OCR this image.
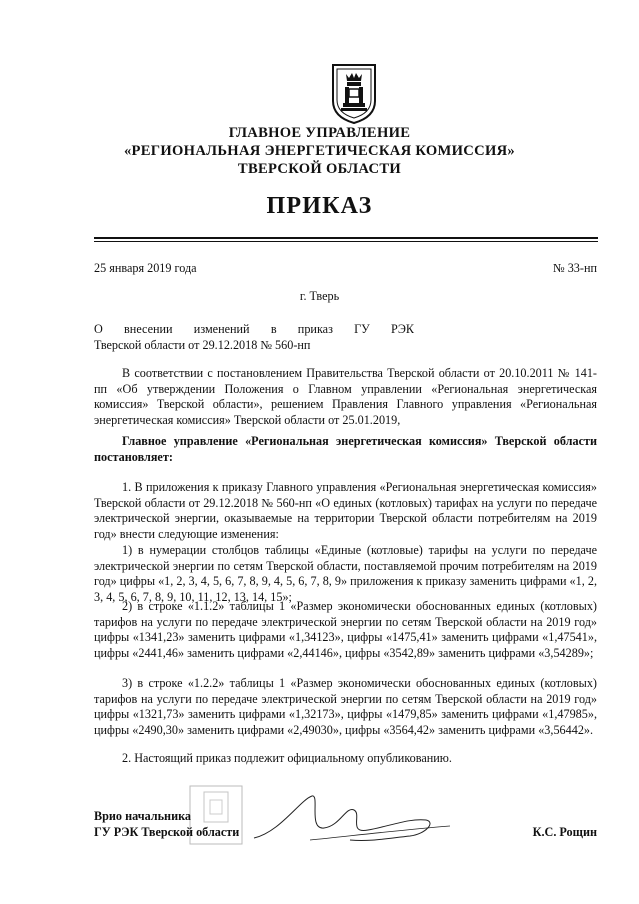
ГЛАВНОЕ УПРАВЛЕНИЕ
«РЕГИОНАЛЬНАЯ ЭНЕРГЕТИЧЕСКАЯ КОМИССИЯ»
ТВЕРСКОЙ ОБЛАСТИ
ПРИКАЗ
25 января 2019 года	№ 33-нп
г. Тверь
О внесении изменений в приказ ГУ РЭК
Тверской области от 29.12.2018 № 560-нп
В соответствии с постановлением Правительства Тверской области от 20.10.2011 № 141-пп «Об утверждении Положения о Главном управлении «Региональная энергетическая комиссия» Тверской области», решением Правления Главного управления «Региональная энергетическая комиссия» Тверской области от 25.01.2019,
Главное управление «Региональная энергетическая комиссия» Тверской области постановляет:
1. В приложения к приказу Главного управления «Региональная энергетическая комиссия» Тверской области от 29.12.2018 № 560-нп «О единых (котловых) тарифах на услуги по передаче электрической энергии, оказываемые на территории Тверской области потребителям на 2019 год» внести следующие изменения:
1) в нумерации столбцов таблицы «Единые (котловые) тарифы на услуги по передаче электрической энергии по сетям Тверской области, поставляемой прочим потребителям на 2019 год» цифры «1, 2, 3, 4, 5, 6, 7, 8, 9, 4, 5, 6, 7, 8, 9» приложения к приказу заменить цифрами «1, 2, 3, 4, 5, 6, 7, 8, 9, 10, 11, 12, 13, 14, 15»;
2) в строке «1.1.2» таблицы 1 «Размер экономически обоснованных единых (котловых) тарифов на услуги по передаче электрической энергии по сетям Тверской области на 2019 год» цифры «1341,23» заменить цифрами «1,34123», цифры «1475,41» заменить цифрами «1,47541», цифры «2441,46» заменить цифрами «2,44146», цифры «3542,89» заменить цифрами «3,54289»;
3) в строке «1.2.2» таблицы 1 «Размер экономически обоснованных единых (котловых) тарифов на услуги по передаче электрической энергии по сетям Тверской области на 2019 год» цифры «1321,73» заменить цифрами «1,32173», цифры «1479,85» заменить цифрами «1,47985», цифры «2490,30» заменить цифрами «2,49030», цифры «3564,42» заменить цифрами «3,56442».
2. Настоящий приказ подлежит официальному опубликованию.
Врио начальника
ГУ РЭК Тверской области	К.С. Рощин
